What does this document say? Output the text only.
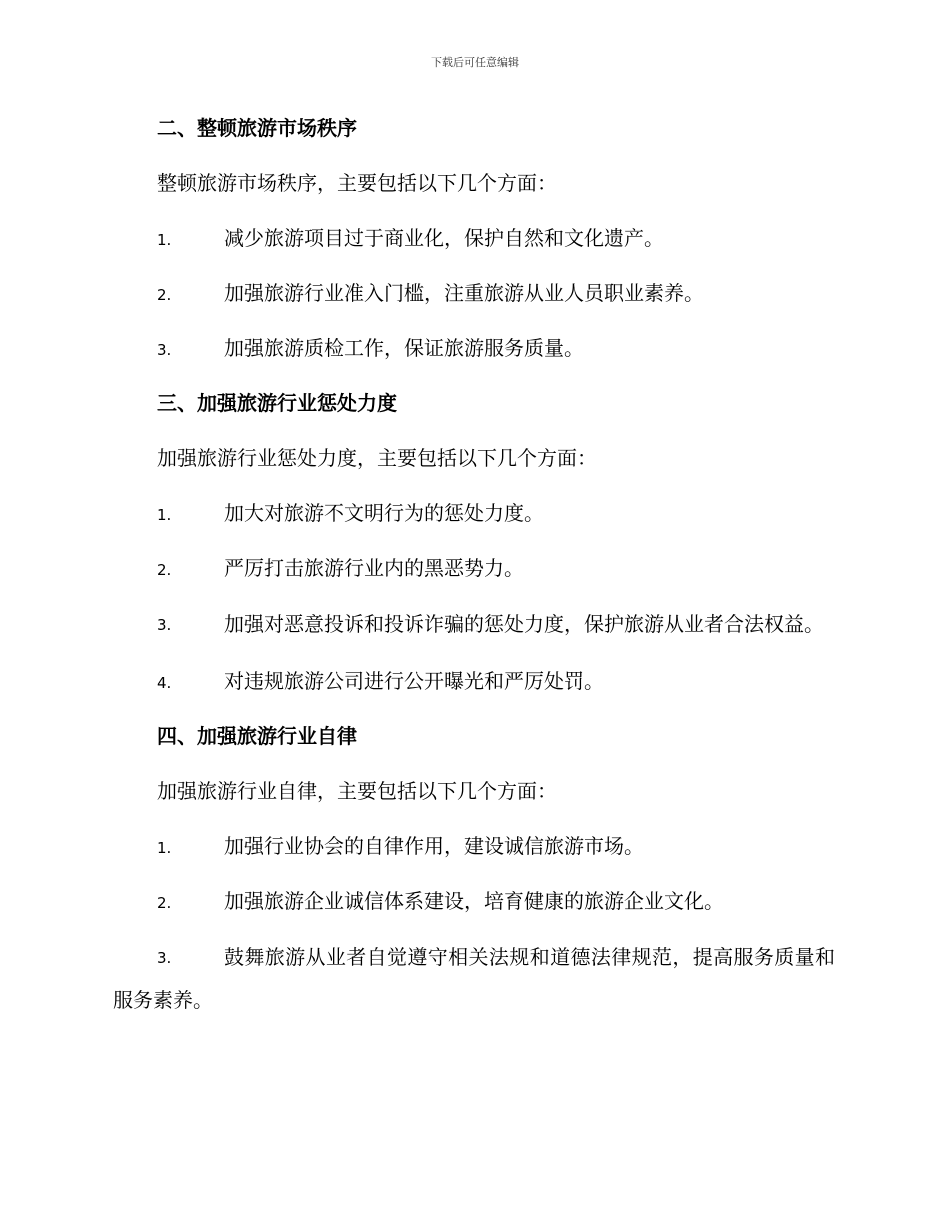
下载后可任意编辑
二、整顿旅游市场秩序
整顿旅游市场秩序，主要包括以下几个方面：
1.	减少旅游项目过于商业化，保护自然和文化遗产。
2.	加强旅游行业准入门槛，注重旅游从业人员职业素养。
3.	加强旅游质检工作，保证旅游服务质量。
三、加强旅游行业惩处力度
加强旅游行业惩处力度，主要包括以下几个方面：
1.	加大对旅游不文明行为的惩处力度。
2.	严厉打击旅游行业内的黑恶势力。
3.	加强对恶意投诉和投诉诈骗的惩处力度，保护旅游从业者合法权益。
4.	对违规旅游公司进行公开曝光和严厉处罚。
四、加强旅游行业自律
加强旅游行业自律，主要包括以下几个方面：
1.	加强行业协会的自律作用，建设诚信旅游市场。
2.	加强旅游企业诚信体系建设，培育健康的旅游企业文化。
3.	鼓舞旅游从业者自觉遵守相关法规和道德法律规范，提高服务质量和服务素养。
